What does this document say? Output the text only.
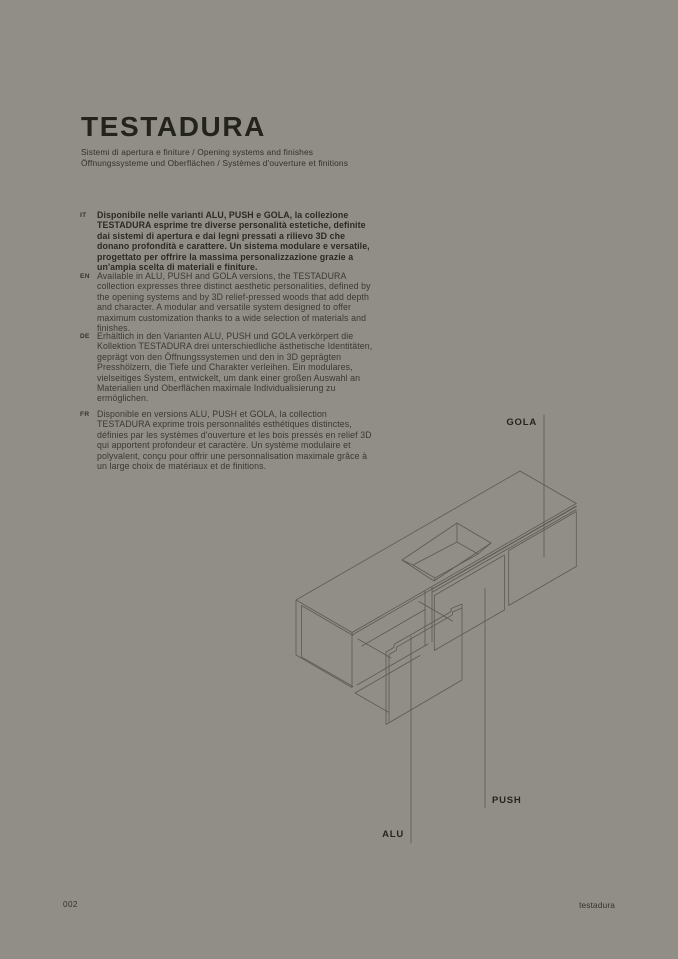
TESTADURA
Sistemi di apertura e finiture / Opening systems and finishes
Öffnungssysteme und Oberflächen / Systèmes d'ouverture et finitions
IT	Disponibile nelle varianti ALU, PUSH e GOLA, la collezione TESTADURA esprime tre diverse personalità estetiche, definite dai sistemi di apertura e dai legni pressati a rilievo 3D che donano profondità e carattere. Un sistema modulare e versatile, progettato per offrire la massima personalizzazione grazie a un'ampia scelta di materiali e finiture.
EN Available in ALU, PUSH and GOLA versions, the TESTADURA collection expresses three distinct aesthetic personalities, defined by the opening systems and by 3D relief-pressed woods that add depth and character. A modular and versatile system designed to offer maximum customization thanks to a wide selection of materials and finishes.
DE Erhältlich in den Varianten ALU, PUSH und GOLA verkörpert die Kollektion TESTADURA drei unterschiedliche ästhetische Identitäten, geprägt von den Öffnungssystemen und den in 3D geprägten Presshölzern, die Tiefe und Charakter verleihen. Ein modulares, vielseitiges System, entwickelt, um dank einer großen Auswahl an Materialien und Oberflächen maximale Individualisierung zu ermöglichen.
FR Disponible en versions ALU, PUSH et GOLA, la collection TESTADURA exprime trois personnalités esthétiques distinctes, définies par les systèmes d'ouverture et les bois pressés en relief 3D qui apportent profondeur et caractère. Un système modulaire et polyvalent, conçu pour offrir une personnalisation maximale grâce à un large choix de matériaux et de finitions.
GOLA
PUSH
ALU
002	testadura
